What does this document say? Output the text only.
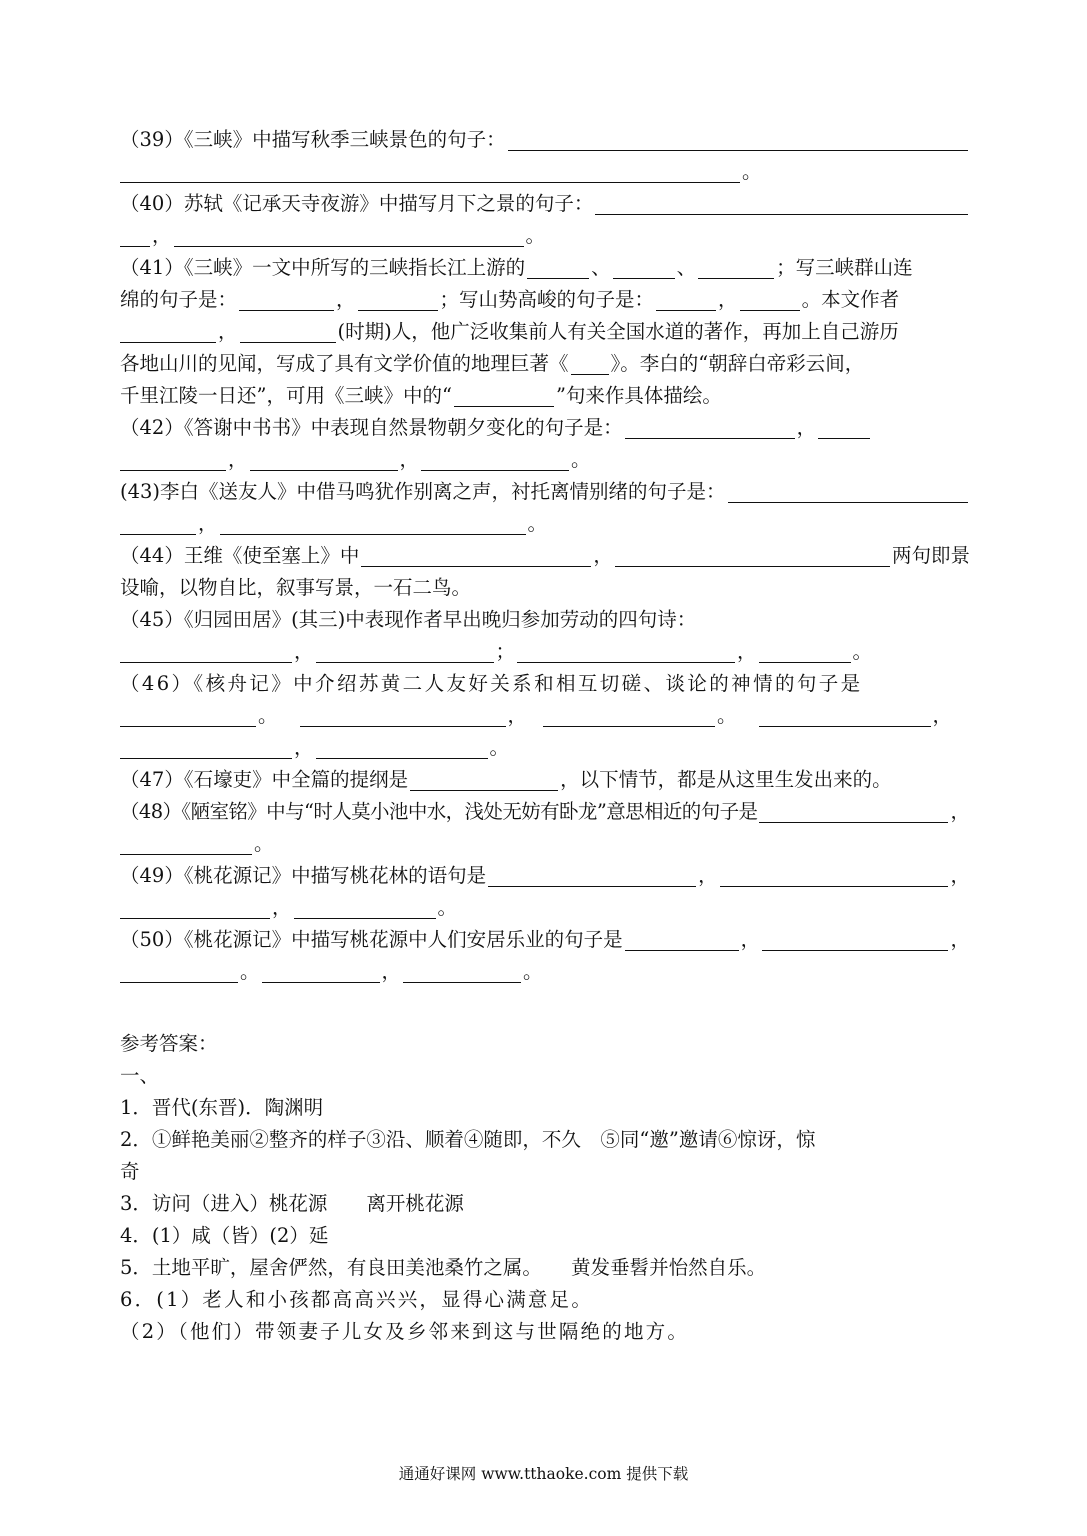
（39）《三峡》中描写秋季三峡景色的句子：
。
（40）苏轼《记承天寺夜游》中描写月下之景的句子：
，	。
（41）《三峡》一文中所写的三峡指长江上游的	、	、	；写三峡群山连
绵的句子是：	，	；写山势高峻的句子是：	，	。本文作者
，	(时期)人，他广泛收集前人有关全国水道的著作，再加上自己游历
各地山川的见闻，写成了具有文学价值的地理巨著《 》。李白的“朝辞白帝彩云间，
千里江陵一日还”，可用《三峡》中的“	”句来作具体描绘。
（42）《答谢中书书》中表现自然景物朝夕变化的句子是：	，
，	，	。
(43)李白《送友人》中借马鸣犹作别离之声，衬托离情别绪的句子是：
，	。
（44）王维《使至塞上》中	，	两句即景
设喻，以物自比，叙事写景，一石二鸟。
（45）《归园田居》(其三)中表现作者早出晚归参加劳动的四句诗：
，	；	，	。
（46）《核舟记》中介绍苏黄二人友好关系和相互切磋、谈论的神情的句子是
。	，	。	，
，	。
（47）《石壕吏》中全篇的提纲是	，以下情节，都是从这里生发出来的。
（48）《陋室铭》中与“时人莫小池中水，浅处无妨有卧龙”意思相近的句子是	，
。
（49）《桃花源记》中描写桃花林的语句是	，	，
，	。
（50）《桃花源记》中描写桃花源中人们安居乐业的句子是	，	，
。	，	。
参考答案：
一、
1．晋代(东晋)．陶渊明
2．①鲜艳美丽②整齐的样子③沿、顺着④随即，不久　⑤同“邀”邀请⑥惊讶，惊
奇
3．访问（进入）桃花源　　离开桃花源
4．(1）咸（皆）(2）延
5．土地平旷，屋舍俨然，有良田美池桑竹之属。　　黄发垂髫并怡然自乐。
6．(1）老人和小孩都高高兴兴，显得心满意足。
（2）（他们）带领妻子儿女及乡邻来到这与世隔绝的地方。
通通好课网 www.tthaoke.com 提供下载
